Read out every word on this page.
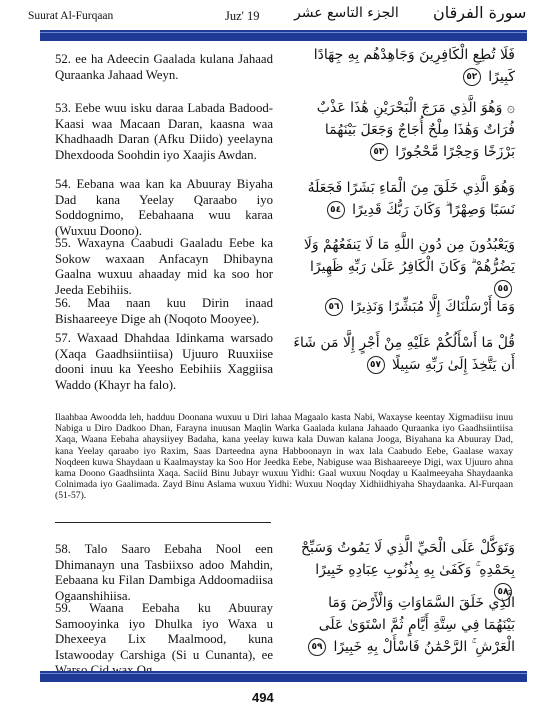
Suurat Al-Furqaan	Juz' 19 الجزء التاسع عشر سورة الفرقان
52. ee ha Adeecin Gaalada kulana Jahaad Quraanka Jahaad Weyn.
فَلَا تُطِعِ الْكَافِرِينَ وَجَاهِدْهُم بِهِ جِهَادًا كَبِيرًا ٥٢
53. Eebe wuu isku daraa Labada Badood-Kaasi waa Macaan Daran, kaasna waa Khadhaadh Daran (Afku Diido) yeelayna Dhexdooda Soohdin iyo Xaajis Awdan.
۞ وَهُوَ الَّذِي مَرَجَ الْبَحْرَيْنِ هَٰذَا عَذْبٌ فُرَاتٌ وَهَٰذَا مِلْحٌ أُجَاجٌ وَجَعَلَ بَيْنَهُمَا بَرْزَخًا وَحِجْرًا مَّحْجُورًا ٥٣
54. Eebana waa kan ka Abuuray Biyaha Dad kana Yeelay Qaraabo iyo Soddognimo, Eebahaana wuu karaa (Wuxuu Doono).
وَهُوَ الَّذِي خَلَقَ مِنَ الْمَاءِ بَشَرًا فَجَعَلَهُ نَسَبًا وَصِهْرًا ۗ وَكَانَ رَبُّكَ قَدِيرًا ٥٤
55. Waxayna Caabudi Gaaladu Eebe ka Sokow waxaan Anfacayn Dhibayna Gaalna wuxuu ahaaday mid ka soo hor Jeeda Eebihiis.
وَيَعْبُدُونَ مِن دُونِ اللَّهِ مَا لَا يَنفَعُهُمْ وَلَا يَضُرُّهُمْ ۗ وَكَانَ الْكَافِرُ عَلَىٰ رَبِّهِ ظَهِيرًا ٥٥
56. Maa naan kuu Dirin inaad Bishaareeye Dige ah (Noqoto Mooyee).
وَمَا أَرْسَلْنَاكَ إِلَّا مُبَشِّرًا وَنَذِيرًا ٥٦
57. Waxaad Dhahdaa Idinkama warsado (Xaqa Gaadhsiintiisa) Ujuuro Ruuxiise dooni inuu ka Yeesho Eebihiis Xaggiisa Waddo (Khayr ha falo).
قُلْ مَا أَسْأَلُكُمْ عَلَيْهِ مِنْ أَجْرٍ إِلَّا مَن شَاءَ أَن يَتَّخِذَ إِلَىٰ رَبِّهِ سَبِيلًا ٥٧
Ilaahbaa Awoodda leh, hadduu Doonana wuxuu u Diri lahaa Magaalo kasta Nabi, Waxayse keentay Xigmadiisu inuu Nabiga u Diro Dadkoo Dhan, Farayna inuusan Maqlin Warka Gaalada kulana Jahaado Quraanka iyo Gaadhsiintiisa Xaqa, Waana Eebaha ahaysiiyey Badaha, kana yeelay kuwa kala Duwan kalana Jooga, Biyahana ka Abuuray Dad, kana Yeelay qaraabo iyo Raxim, Saas Darteedna ayna Habboonayn in wax lala Caabudo Eebe, Gaalase waxay Noqdeen kuwa Shaydaan u Kaalmaystay ka Soo Hor Jeedka Eebe, Nabiguse waa Bishaareeye Digi, wax Ujuuro ahna kama Doono Gaadhsiinta Xaqa. Saciid Binu Jubayr wuxuu Yidhi: Gaal wuxuu Noqday u Kaalmeeyaha Shaydaanka Colnimada iyo Gaalimada. Zayd Binu Aslama wuxuu Yidhi: Wuxuu Noqday Xidhiidhiyaha Shaydaanka. Al-Furqaan (51-57).
58. Talo Saaro Eebaha Nool een Dhimanayn una Tasbiixso adoo Mahdin, Eebaana ku Filan Dambiga Addoomadiisa Ogaanshihiisa.
وَتَوَكَّلْ عَلَى الْحَيِّ الَّذِي لَا يَمُوتُ وَسَبِّحْ بِحَمْدِهِ ۚ وَكَفَىٰ بِهِ بِذُنُوبِ عِبَادِهِ خَبِيرًا ٥٨
59. Waana Eebaha ku Abuuray Samooyinka iyo Dhulka iyo Waxa u Dhexeeya Lix Maalmood, kuna Istawooday Carshiga (Si u Cunanta), ee
الَّذِي خَلَقَ السَّمَاوَاتِ وَالْأَرْضَ وَمَا بَيْنَهُمَا فِي سِتَّةِ أَيَّامٍ ثُمَّ اسْتَوَىٰ عَلَى الْعَرْشِ ۚ الرَّحْمَٰنُ فَاسْأَلْ بِهِ خَبِيرًا ٥٩
494
